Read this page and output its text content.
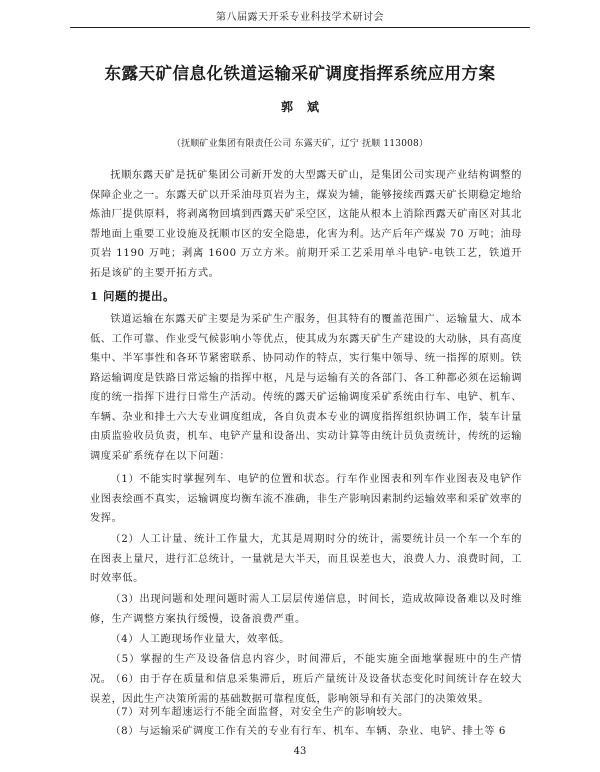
第八届露天开采专业科技学术研讨会
东露天矿信息化铁道运输采矿调度指挥系统应用方案
郭斌
（抚顺矿业集团有限责任公司 东露天矿，辽宁 抚顺 113008）

抚顺东露天矿是抚矿集团公司新开发的大型露天矿山，是集团公司实现产业结构调整的保障企业之一。东露天矿以开采油母页岩为主，煤炭为辅，能够接续西露天矿长期稳定地给炼油厂提供原料，将剥离物回填到西露天矿采空区，这能从根本上消除西露天矿南区对其北帮地面上重要工业设施及抚顺市区的安全隐患，化害为利。达产后年产煤炭 70 万吨；油母页岩 1190 万吨；剥离 1600 万立方米。前期开采工艺采用单斗电铲-电铁工艺，铁道开拓是该矿的主要开拓方式。

1 问题的提出。

铁道运输在东露天矿主要是为采矿生产服务，但其特有的覆盖范围广、运输量大、成本低、工作可靠、作业受气候影响小等优点，使其成为东露天矿生产建设的大动脉，具有高度集中、半军事性和各环节紧密联系、协同动作的特点，实行集中领导、统一指挥的原则。铁路运输调度是铁路日常运输的指挥中枢，凡是与运输有关的各部门、各工种都必须在运输调度的统一指挥下进行日常生产活动。传统的露天矿运输调度采矿系统由行车、电铲、机车、车辆、杂业和排土六大专业调度组成，各自负责本专业的调度指挥组织协调工作，装车计量由质监验收员负责，机车、电铲产量和设备出、实动计算等由统计员负责统计，传统的运输调度采矿系统存在以下问题：

（1）不能实时掌握列车、电铲的位置和状态。行车作业图表和列车作业图表及电铲作业图表绘画不真实，运输调度均衡车流不准确，非生产影响因素制约运输效率和采矿效率的发挥。

（2）人工计量、统计工作量大，尤其是周期时分的统计，需要统计员一个车一个车的在图表上量尺，进行汇总统计，一量就是大半天，而且误差也大，浪费人力、浪费时间，工时效率低。

（3）出现问题和处理问题时需人工层层传递信息，时间长，造成故障设备难以及时维修，生产调整方案执行缓慢，设备浪费严重。

（4）人工跑现场作业量大，效率低。

（5）掌握的生产及设备信息内容少，时间滞后，不能实施全面地掌握班中的生产情况。

（6）由于存在质量和信息采集滞后，班后产量统计及设备状态变化时间统计存在较大误差，因此生产决策所需的基础数据可靠程度低，影响领导和有关部门的决策效果。

（7）对列车超速运行不能全面监督，对安全生产的影响较大。

（8）与运输采矿调度工作有关的专业有行车、机车、车辆、杂业、电铲、排土等 6

43
